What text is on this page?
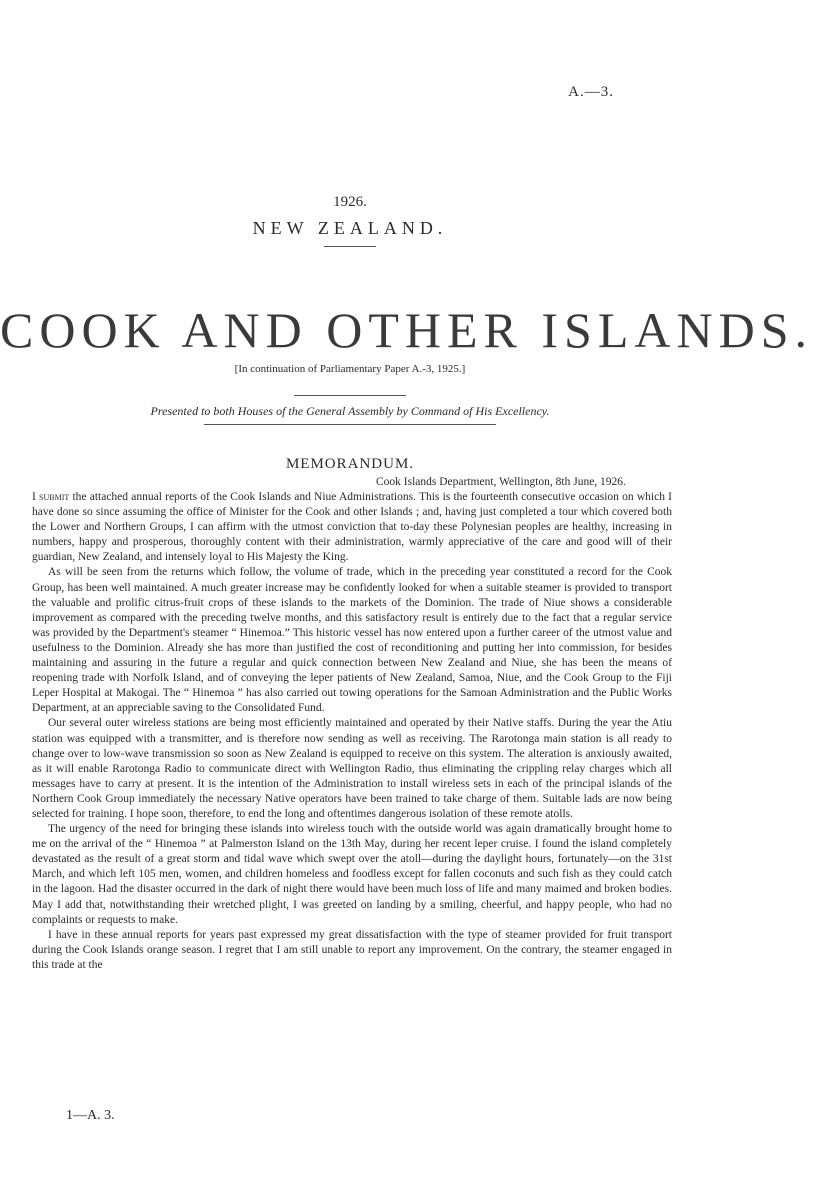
A.—3.
1926.
NEW ZEALAND.
COOK AND OTHER ISLANDS.
[In continuation of Parliamentary Paper A.-3, 1925.]
Presented to both Houses of the General Assembly by Command of His Excellency.
MEMORANDUM.
Cook Islands Department, Wellington, 8th June, 1926.

I submit the attached annual reports of the Cook Islands and Niue Administrations. This is the fourteenth consecutive occasion on which I have done so since assuming the office of Minister for the Cook and other Islands ; and, having just completed a tour which covered both the Lower and Northern Groups, I can affirm with the utmost conviction that to-day these Polynesian peoples are healthy, increasing in numbers, happy and prosperous, thoroughly content with their administration, warmly appreciative of the care and good will of their guardian, New Zealand, and intensely loyal to His Majesty the King.

As will be seen from the returns which follow, the volume of trade, which in the preceding year constituted a record for the Cook Group, has been well maintained. A much greater increase may be confidently looked for when a suitable steamer is provided to transport the valuable and prolific citrus-fruit crops of these islands to the markets of the Dominion. The trade of Niue shows a considerable improvement as compared with the preceding twelve months, and this satisfactory result is entirely due to the fact that a regular service was provided by the Department's steamer “ Hinemoa.” This historic vessel has now entered upon a further career of the utmost value and usefulness to the Dominion. Already she has more than justified the cost of reconditioning and putting her into commission, for besides maintaining and assuring in the future a regular and quick connection between New Zealand and Niue, she has been the means of reopening trade with Norfolk Island, and of conveying the leper patients of New Zealand, Samoa, Niue, and the Cook Group to the Fiji Leper Hospital at Makogai. The “ Hinemoa ” has also carried out towing operations for the Samoan Administration and the Public Works Department, at an appreciable saving to the Consolidated Fund.

Our several outer wireless stations are being most efficiently maintained and operated by their Native staffs. During the year the Atiu station was equipped with a transmitter, and is therefore now sending as well as receiving. The Rarotonga main station is all ready to change over to low-wave transmission so soon as New Zealand is equipped to receive on this system. The alteration is anxiously awaited, as it will enable Rarotonga Radio to communicate direct with Wellington Radio, thus eliminating the crippling relay charges which all messages have to carry at present. It is the intention of the Administration to install wireless sets in each of the principal islands of the Northern Cook Group immediately the necessary Native operators have been trained to take charge of them. Suitable lads are now being selected for training. I hope soon, therefore, to end the long and oftentimes dangerous isolation of these remote atolls.

The urgency of the need for bringing these islands into wireless touch with the outside world was again dramatically brought home to me on the arrival of the “ Hinemoa ” at Palmerston Island on the 13th May, during her recent leper cruise. I found the island completely devastated as the result of a great storm and tidal wave which swept over the atoll—during the daylight hours, fortunately—on the 31st March, and which left 105 men, women, and children homeless and foodless except for fallen coconuts and such fish as they could catch in the lagoon. Had the disaster occurred in the dark of night there would have been much loss of life and many maimed and broken bodies. May I add that, notwithstanding their wretched plight, I was greeted on landing by a smiling, cheerful, and happy people, who had no complaints or requests to make.

I have in these annual reports for years past expressed my great dissatisfaction with the type of steamer provided for fruit transport during the Cook Islands orange season. I regret that I am still unable to report any improvement. On the contrary, the steamer engaged in this trade at the

1—A. 3.
